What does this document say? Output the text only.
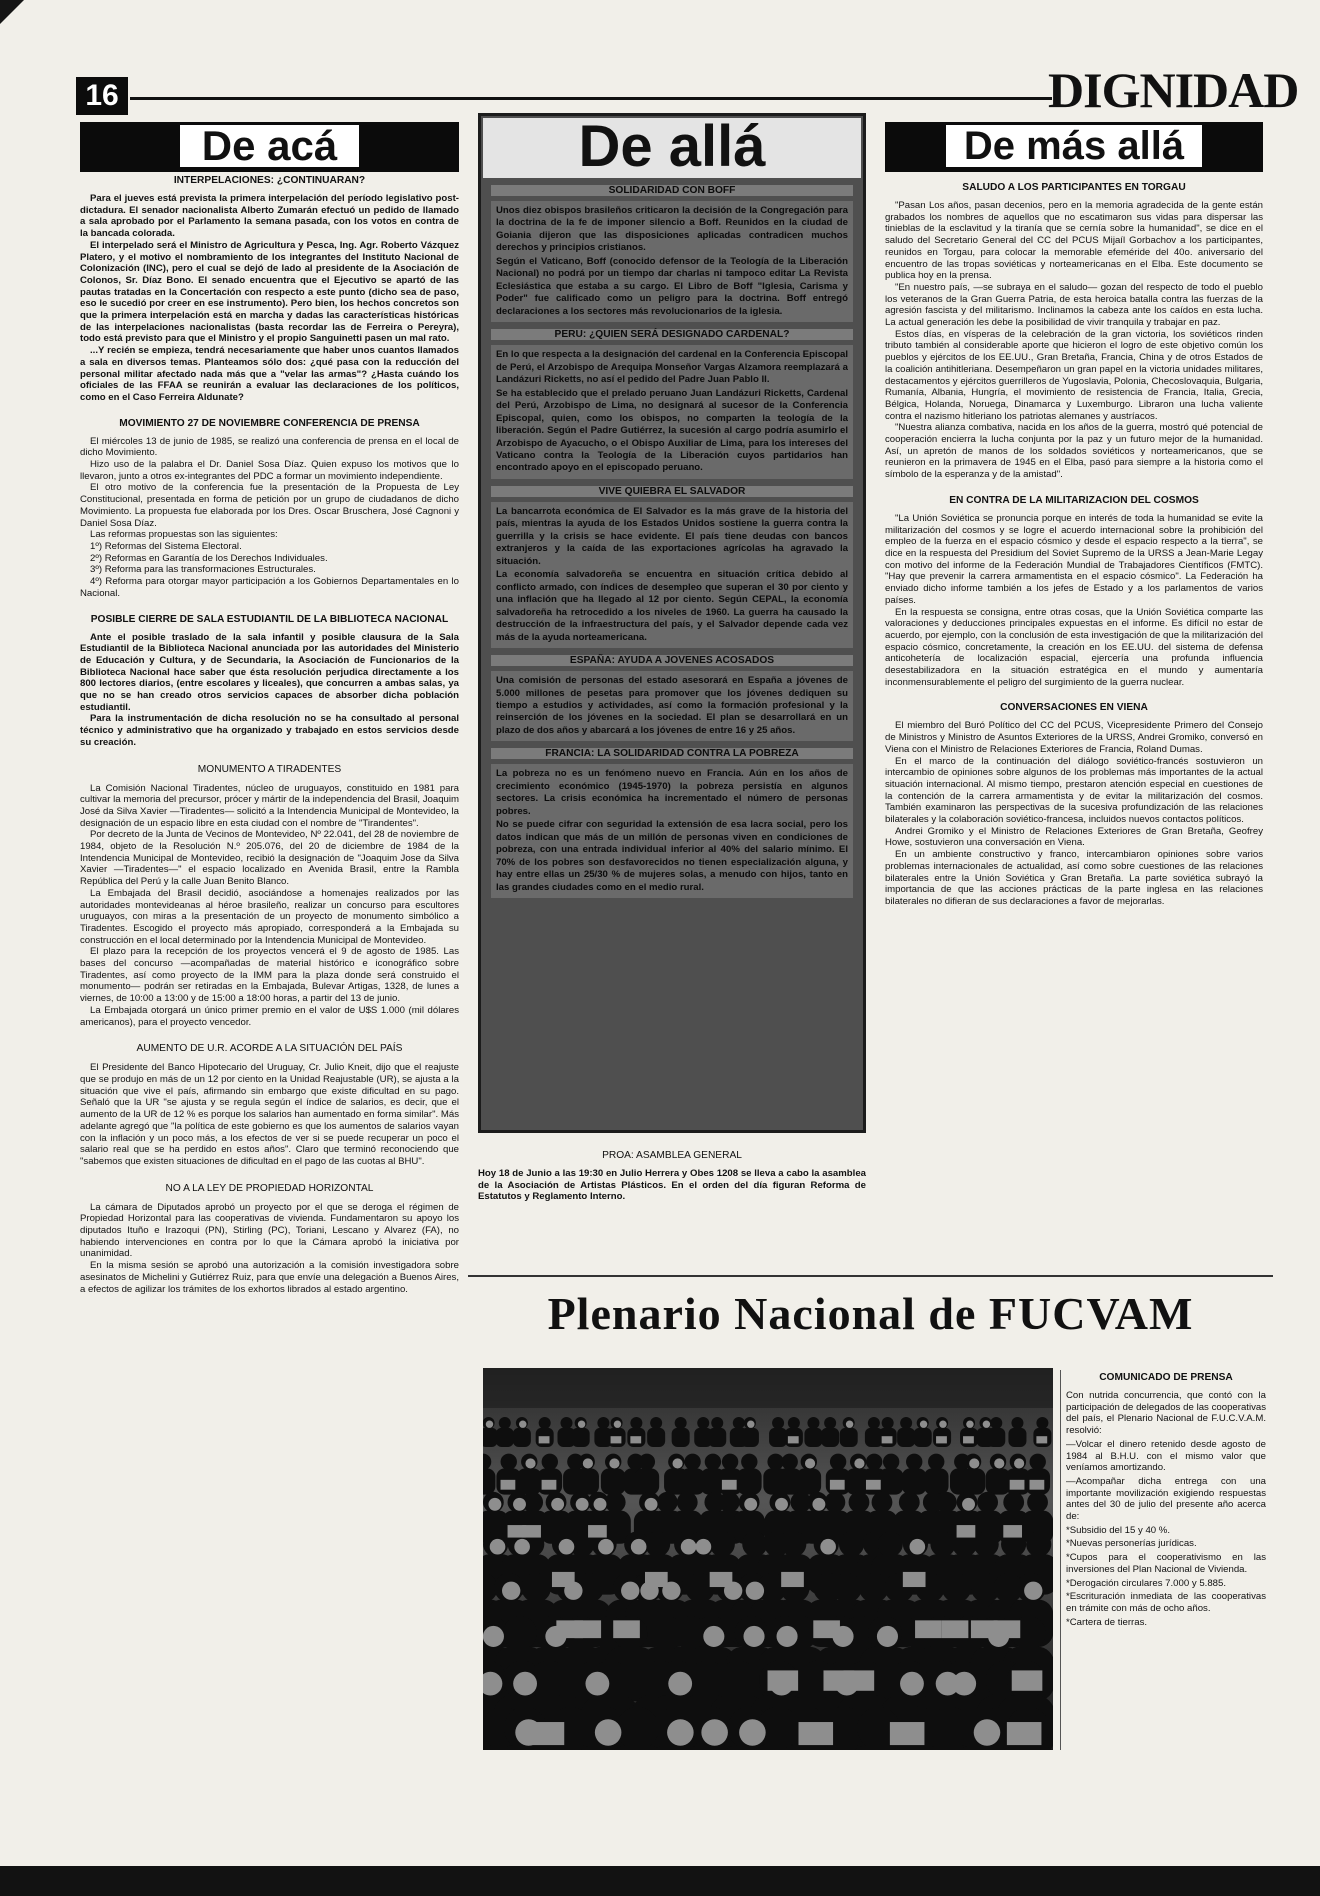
16	DIGNIDAD
De acá	De más allá
INTERPELACIONES: ¿CONTINUARAN?

Para el jueves está prevista la primera interpelación del período legislativo post-dictadura. El senador nacionalista Alberto Zumarán efectuó un pedido de llamado a sala aprobado por el Parlamento la semana pasada, con los votos en contra de la bancada colorada.

El interpelado será el Ministro de Agricultura y Pesca, Ing. Agr. Roberto Vázquez Platero, y el motivo el nombramiento de los integrantes del Instituto Nacional de Colonización (INC), pero el cual se dejó de lado al presidente de la Asociación de Colonos, Sr. Díaz Bono. El senado encuentra que el Ejecutivo se apartó de las pautas tratadas en la Concertación con respecto a este punto (dicho sea de paso, eso le sucedió por creer en ese instrumento). Pero bien, los hechos concretos son que la primera interpelación está en marcha y dadas las características históricas de las interpelaciones nacionalistas (basta recordar las de Ferreira o Pereyra), todo está previsto para que el Ministro y el propio Sanguinetti pasen un mal rato.

...Y recién se empieza, tendrá necesariamente que haber unos cuantos llamados a sala en diversos temas. Planteamos sólo dos: ¿qué pasa con la reducción del personal militar afectado nada más que a "velar las armas"? ¿Hasta cuándo los oficiales de las FFAA se reunirán a evaluar las declaraciones de los políticos, como en el Caso Ferreira Aldunate?

MOVIMIENTO 27 DE NOVIEMBRE CONFERENCIA DE PRENSA

El miércoles 13 de junio de 1985, se realizó una conferencia de prensa en el local de dicho Movimiento.

Hizo uso de la palabra el Dr. Daniel Sosa Díaz. Quien expuso los motivos que lo llevaron, junto a otros ex-integrantes del PDC a formar un movimiento independiente.

El otro motivo de la conferencia fue la presentación de la Propuesta de Ley Constitucional, presentada en forma de petición por un grupo de ciudadanos de dicho Movimiento. La propuesta fue elaborada por los Dres. Oscar Bruschera, José Cagnoni y Daniel Sosa Díaz.

Las reformas propuestas son las siguientes:

1º) Reformas del Sistema Electoral.

2º) Reformas en Garantía de los Derechos Individuales.

3º) Reforma para las transformaciones Estructurales.

4º) Reforma para otorgar mayor participación a los Gobiernos Departamentales en lo Nacional.

POSIBLE CIERRE DE SALA ESTUDIANTIL DE LA BIBLIOTECA NACIONAL

Ante el posible traslado de la sala infantil y posible clausura de la Sala Estudiantil de la Biblioteca Nacional anunciada por las autoridades del Ministerio de Educación y Cultura, y de Secundaria, la Asociación de Funcionarios de la Biblioteca Nacional hace saber que ésta resolución perjudica directamente a los 800 lectores diarios, (entre escolares y liceales), que concurren a ambas salas, ya que no se han creado otros servicios capaces de absorber dicha población estudiantil.

Para la instrumentación de dicha resolución no se ha consultado al personal técnico y administrativo que ha organizado y trabajado en estos servicios desde su creación.

MONUMENTO A TIRADENTES

La Comisión Nacional Tiradentes, núcleo de uruguayos, constituido en 1981 para cultivar la memoria del precursor, prócer y mártir de la independencia del Brasil, Joaquim José da Silva Xavier —Tiradentes— solicitó a la Intendencia Municipal de Montevideo, la designación de un espacio libre en esta ciudad con el nombre de "Tirandentes".

Por decreto de la Junta de Vecinos de Montevideo, Nº 22.041, del 28 de noviembre de 1984, objeto de la Resolución N.º 205.076, del 20 de diciembre de 1984 de la Intendencia Municipal de Montevideo, recibió la designación de "Joaquim Jose da Silva Xavier —Tiradentes—" el espacio localizado en Avenida Brasil, entre la Rambla República del Perú y la calle Juan Benito Blanco.

La Embajada del Brasil decidió, asociándose a homenajes realizados por las autoridades montevideanas al héroe brasileño, realizar un concurso para escultores uruguayos, con miras a la presentación de un proyecto de monumento simbólico a Tiradentes. Escogido el proyecto más apropiado, corresponderá a la Embajada su construcción en el local determinado por la Intendencia Municipal de Montevideo.

El plazo para la recepción de los proyectos vencerá el 9 de agosto de 1985. Las bases del concurso —acompañadas de material histórico e iconográfico sobre Tiradentes, así como proyecto de la IMM para la plaza donde será construido el monumento— podrán ser retiradas en la Embajada, Bulevar Artigas, 1328, de lunes a viernes, de 10:00 a 13:00 y de 15:00 a 18:00 horas, a partir del 13 de junio.

La Embajada otorgará un único primer premio en el valor de U$S 1.000 (mil dólares americanos), para el proyecto vencedor.

AUMENTO DE U.R. ACORDE A LA SITUACIÓN DEL PAÍS

El Presidente del Banco Hipotecario del Uruguay, Cr. Julio Kneit, dijo que el reajuste que se produjo en más de un 12 por ciento en la Unidad Reajustable (UR), se ajusta a la situación que vive el país, afirmando sin embargo que existe dificultad en su pago. Señaló que la UR "se ajusta y se regula según el índice de salarios, es decir, que el aumento de la UR de 12 % es porque los salarios han aumentado en forma similar". Más adelante agregó que "la política de este gobierno es que los aumentos de salarios vayan con la inflación y un poco más, a los efectos de ver si se puede recuperar un poco el salario real que se ha perdido en estos años". Claro que terminó reconociendo que "sabemos que existen situaciones de dificultad en el pago de las cuotas al BHU".

NO A LA LEY DE PROPIEDAD HORIZONTAL

La cámara de Diputados aprobó un proyecto por el que se deroga el régimen de Propiedad Horizontal para las cooperativas de vivienda. Fundamentaron su apoyo los diputados Ituño e Irazoqui (PN), Stirling (PC), Toriani, Lescano y Alvarez (FA), no habiendo intervenciones en contra por lo que la Cámara aprobó la iniciativa por unanimidad.

En la misma sesión se aprobó una autorización a la comisión investigadora sobre asesinatos de Michelini y Gutiérrez Ruiz, para que envíe una delegación a Buenos Aires, a efectos de agilizar los trámites de los exhortos librados al estado argentino.

De allá
SOLIDARIDAD CON BOFF

Unos diez obispos brasileños criticaron la decisión de la Congregación para la doctrina de la fe de imponer silencio a Boff. Reunidos en la ciudad de Goiania dijeron que las disposiciones aplicadas contradicen muchos derechos y principios cristianos.

Según el Vaticano, Boff (conocido defensor de la Teología de la Liberación Nacional) no podrá por un tiempo dar charlas ni tampoco editar La Revista Eclesiástica que estaba a su cargo. El Libro de Boff "Iglesia, Carisma y Poder" fue calificado como un peligro para la doctrina. Boff entregó declaraciones a los sectores más revolucionarios de la iglesia.

PERU: ¿QUIEN SERÁ DESIGNADO CARDENAL?

En lo que respecta a la designación del cardenal en la Conferencia Episcopal de Perú, el Arzobispo de Arequipa Monseñor Vargas Alzamora reemplazará a Landázuri Ricketts, no así el pedido del Padre Juan Pablo II.

Se ha establecido que el prelado peruano Juan Landázuri Ricketts, Cardenal del Perú, Arzobispo de Lima, no designará al sucesor de la Conferencia Episcopal, quien, como los obispos, no comparten la teología de la liberación. Según el Padre Gutiérrez, la sucesión al cargo podría asumirlo el Arzobispo de Ayacucho, o el Obispo Auxiliar de Lima, para los intereses del Vaticano contra la Teología de la Liberación cuyos partidarios han encontrado apoyo en el episcopado peruano.

VIVE QUIEBRA EL SALVADOR

La bancarrota económica de El Salvador es la más grave de la historia del país, mientras la ayuda de los Estados Unidos sostiene la guerra contra la guerrilla y la crisis se hace evidente. El país tiene deudas con bancos extranjeros y la caída de las exportaciones agrícolas ha agravado la situación.

La economía salvadoreña se encuentra en situación crítica debido al conflicto armado, con índices de desempleo que superan el 30 por ciento y una inflación que ha llegado al 12 por ciento. Según CEPAL, la economía salvadoreña ha retrocedido a los niveles de 1960. La guerra ha causado la destrucción de la infraestructura del país, y el Salvador depende cada vez más de la ayuda norteamericana.

ESPAÑA: AYUDA A JOVENES ACOSADOS

Una comisión de personas del estado asesorará en España a jóvenes de 5.000 millones de pesetas para promover que los jóvenes dediquen su tiempo a estudios y actividades, así como la formación profesional y la reinserción de los jóvenes en la sociedad. El plan se desarrollará en un plazo de dos años y abarcará a los jóvenes de entre 16 y 25 años.

FRANCIA: LA SOLIDARIDAD CONTRA LA POBREZA

La pobreza no es un fenómeno nuevo en Francia. Aún en los años de crecimiento económico (1945-1970) la pobreza persistía en algunos sectores. La crisis económica ha incrementado el número de personas pobres.

No se puede cifrar con seguridad la extensión de esa lacra social, pero los datos indican que más de un millón de personas viven en condiciones de pobreza, con una entrada individual inferior al 40% del salario mínimo. El 70% de los pobres son desfavorecidos no tienen especialización alguna, y hay entre ellas un 25/30 % de mujeres solas, a menudo con hijos, tanto en las grandes ciudades como en el medio rural.

PROA: ASAMBLEA GENERAL

Hoy 18 de Junio a las 19:30 en Julio Herrera y Obes 1208 se lleva a cabo la asamblea de la Asociación de Artistas Plásticos. En el orden del día figuran Reforma de Estatutos y Reglamento Interno.

SALUDO A LOS PARTICIPANTES EN TORGAU

"Pasan Los años, pasan decenios, pero en la memoria agradecida de la gente están grabados los nombres de aquellos que no escatimaron sus vidas para dispersar las tinieblas de la esclavitud y la tiranía que se cernía sobre la humanidad", se dice en el saludo del Secretario General del CC del PCUS Mijaíl Gorbachov a los participantes, reunidos en Torgau, para colocar la memorable efeméride del 40o. aniversario del encuentro de las tropas soviéticas y norteamericanas en el Elba. Este documento se publica hoy en la prensa.

"En nuestro país, —se subraya en el saludo— gozan del respecto de todo el pueblo los veteranos de la Gran Guerra Patria, de esta heroica batalla contra las fuerzas de la agresión fascista y del militarismo. Inclinamos la cabeza ante los caídos en esta lucha. La actual generación les debe la posibilidad de vivir tranquila y trabajar en paz.

Estos días, en vísperas de la celebración de la gran victoria, los soviéticos rinden tributo también al considerable aporte que hicieron el logro de este objetivo común los pueblos y ejércitos de los EE.UU., Gran Bretaña, Francia, China y de otros Estados de la coalición antihitleriana. Desempeñaron un gran papel en la victoria unidades militares, destacamentos y ejércitos guerrilleros de Yugoslavia, Polonia, Checoslovaquia, Bulgaria, Rumanía, Albania, Hungría, el movimiento de resistencia de Francia, Italia, Grecia, Bélgica, Holanda, Noruega, Dinamarca y Luxemburgo. Libraron una lucha valiente contra el nazismo hitleriano los patriotas alemanes y austríacos.

"Nuestra alianza combativa, nacida en los años de la guerra, mostró qué potencial de cooperación encierra la lucha conjunta por la paz y un futuro mejor de la humanidad. Así, un apretón de manos de los soldados soviéticos y norteamericanos, que se reunieron en la primavera de 1945 en el Elba, pasó para siempre a la historia como el símbolo de la esperanza y de la amistad".

EN CONTRA DE LA MILITARIZACION DEL COSMOS

"La Unión Soviética se pronuncia porque en interés de toda la humanidad se evite la militarización del cosmos y se logre el acuerdo internacional sobre la prohibición del empleo de la fuerza en el espacio cósmico y desde el espacio respecto a la tierra", se dice en la respuesta del Presidium del Soviet Supremo de la URSS a Jean-Marie Legay con motivo del informe de la Federación Mundial de Trabajadores Científicos (FMTC). "Hay que prevenir la carrera armamentista en el espacio cósmico". La Federación ha enviado dicho informe también a los jefes de Estado y a los parlamentos de varios países.

En la respuesta se consigna, entre otras cosas, que la Unión Soviética comparte las valoraciones y deducciones principales expuestas en el informe. Es difícil no estar de acuerdo, por ejemplo, con la conclusión de esta investigación de que la militarización del espacio cósmico, concretamente, la creación en los EE.UU. del sistema de defensa anticohetería de localización espacial, ejercería una profunda influencia desestabilizadora en la situación estratégica en el mundo y aumentaría inconmensurablemente el peligro del surgimiento de la guerra nuclear.

CONVERSACIONES EN VIENA

El miembro del Buró Político del CC del PCUS, Vicepresidente Primero del Consejo de Ministros y Ministro de Asuntos Exteriores de la URSS, Andrei Gromiko, conversó en Viena con el Ministro de Relaciones Exteriores de Francia, Roland Dumas.

En el marco de la continuación del diálogo soviético-francés sostuvieron un intercambio de opiniones sobre algunos de los problemas más importantes de la actual situación internacional. Al mismo tiempo, prestaron atención especial en cuestiones de la contención de la carrera armamentista y de evitar la militarización del cosmos. También examinaron las perspectivas de la sucesiva profundización de las relaciones bilaterales y la colaboración soviético-francesa, incluidos nuevos contactos políticos.

Andrei Gromiko y el Ministro de Relaciones Exteriores de Gran Bretaña, Geofrey Howe, sostuvieron una conversación en Viena.

En un ambiente constructivo y franco, intercambiaron opiniones sobre varios problemas internacionales de actualidad, así como sobre cuestiones de las relaciones bilaterales entre la Unión Soviética y Gran Bretaña. La parte soviética subrayó la importancia de que las acciones prácticas de la parte inglesa en las relaciones bilaterales no difieran de sus declaraciones a favor de mejorarlas.

Plenario Nacional de FUCVAM
COMUNICADO DE PRENSA

Con nutrida concurrencia, que contó con la participación de delegados de las cooperativas del país, el Plenario Nacional de F.U.C.V.A.M. resolvió:

—Volcar el dinero retenido desde agosto de 1984 al B.H.U. con el mismo valor que veníamos amortizando.

—Acompañar dicha entrega con una importante movilización exigiendo respuestas antes del 30 de julio del presente año acerca de:

*Subsidio del 15 y 40 %.

*Nuevas personerías jurídicas.

*Cupos para el cooperativismo en las inversiones del Plan Nacional de Vivienda.

*Derogación circulares 7.000 y 5.885.

*Escrituración inmediata de las cooperativas en trámite con más de ocho años.

*Cartera de tierras.
